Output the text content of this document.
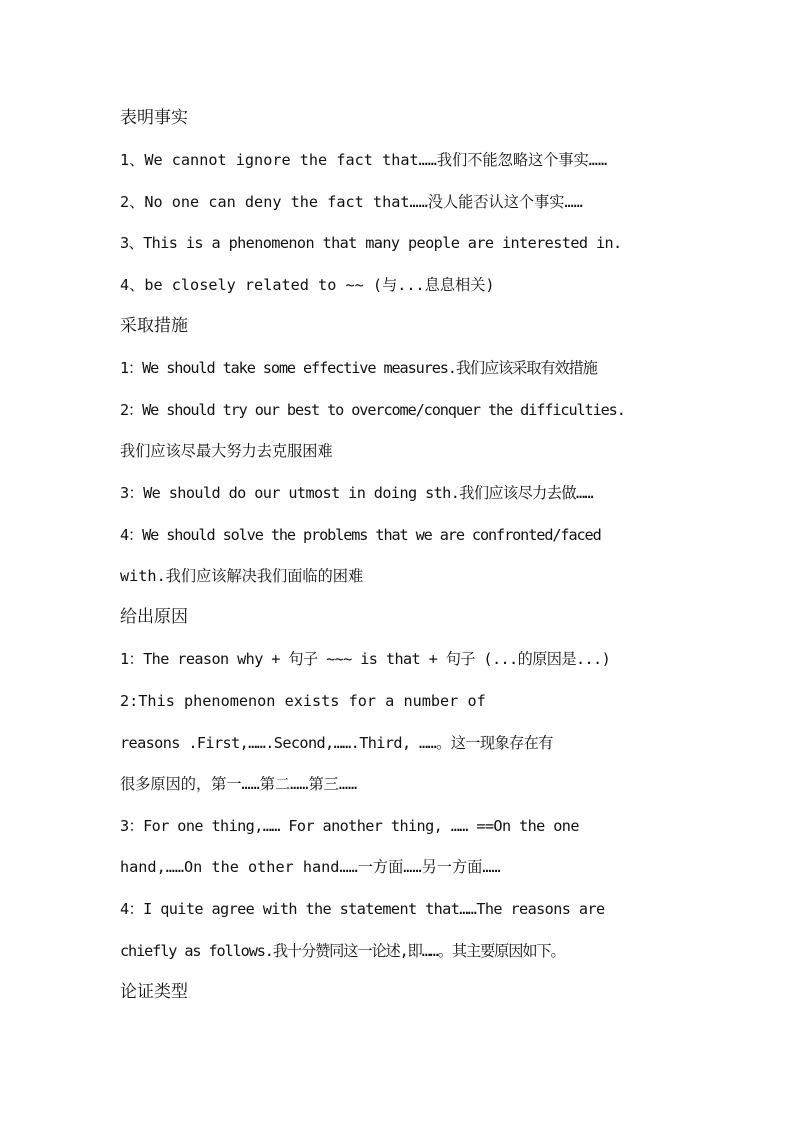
表明事实
1、We cannot ignore the fact that……我们不能忽略这个事实……
2、No one can deny the fact that……没人能否认这个事实……
3、This is a phenomenon that many people are interested in.
4、be closely related to ~~ (与...息息相关)
采取措施
1：We should take some effective measures.我们应该采取有效措施
2：We should try our best to overcome/conquer the difficulties.
我们应该尽最大努力去克服困难
3：We should do our utmost in doing sth.我们应该尽力去做……
4：We should solve the problems that we are confronted/faced
with.我们应该解决我们面临的困难
给出原因
1：The reason why + 句子 ~~~ is that + 句子 (...的原因是...)
2:This phenomenon exists for a number of
reasons .First,…….Second,…….Third, ……。这一现象存在有
很多原因的，第一……第二……第三……
3：For one thing,…… For another thing, …… ==On the one
hand,……On the other hand……一方面……另一方面……
4：I quite agree with the statement that……The reasons are
chiefly as follows.我十分赞同这一论述,即……。其主要原因如下。
论证类型
